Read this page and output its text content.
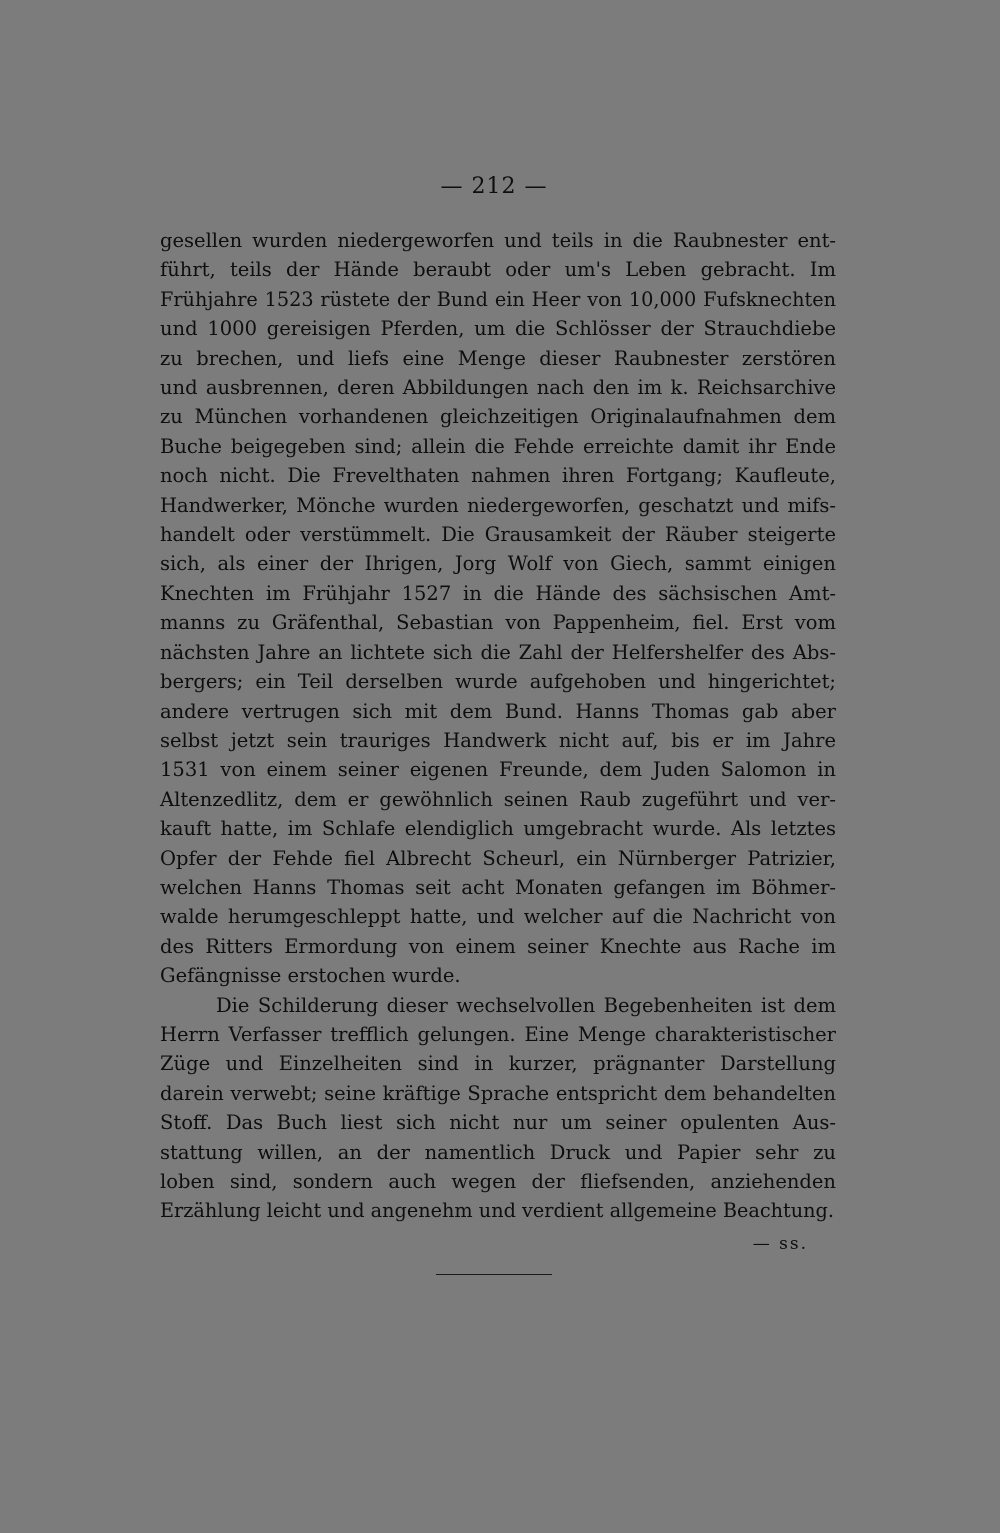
— 212 —

gesellen wurden niedergeworfen und teils in die Raubnester ent-
führt, teils der Hände beraubt oder um's Leben gebracht. Im
Frühjahre 1523 rüstete der Bund ein Heer von 10,000 Fufsknechten
und 1000 gereisigen Pferden, um die Schlösser der Strauchdiebe
zu brechen, und liefs eine Menge dieser Raubnester zerstören
und ausbrennen, deren Abbildungen nach den im k. Reichsarchive
zu München vorhandenen gleichzeitigen Originalaufnahmen dem
Buche beigegeben sind; allein die Fehde erreichte damit ihr Ende
noch nicht. Die Frevelthaten nahmen ihren Fortgang; Kaufleute,
Handwerker, Mönche wurden niedergeworfen, geschatzt und mifs-
handelt oder verstümmelt. Die Grausamkeit der Räuber steigerte
sich, als einer der Ihrigen, Jorg Wolf von Giech, sammt einigen
Knechten im Frühjahr 1527 in die Hände des sächsischen Amt-
manns zu Gräfenthal, Sebastian von Pappenheim, fiel. Erst vom
nächsten Jahre an lichtete sich die Zahl der Helfershelfer des Abs-
bergers; ein Teil derselben wurde aufgehoben und hingerichtet;
andere vertrugen sich mit dem Bund. Hanns Thomas gab aber
selbst jetzt sein trauriges Handwerk nicht auf, bis er im Jahre
1531 von einem seiner eigenen Freunde, dem Juden Salomon in
Altenzedlitz, dem er gewöhnlich seinen Raub zugeführt und ver-
kauft hatte, im Schlafe elendiglich umgebracht wurde. Als letztes
Opfer der Fehde fiel Albrecht Scheurl, ein Nürnberger Patrizier,
welchen Hanns Thomas seit acht Monaten gefangen im Böhmer-
walde herumgeschleppt hatte, und welcher auf die Nachricht von
des Ritters Ermordung von einem seiner Knechte aus Rache im
Gefängnisse erstochen wurde.

Die Schilderung dieser wechselvollen Begebenheiten ist dem
Herrn Verfasser trefflich gelungen. Eine Menge charakteristischer
Züge und Einzelheiten sind in kurzer, prägnanter Darstellung
darein verwebt; seine kräftige Sprache entspricht dem behandelten
Stoff. Das Buch liest sich nicht nur um seiner opulenten Aus-
stattung willen, an der namentlich Druck und Papier sehr zu
loben sind, sondern auch wegen der fliefsenden, anziehenden
Erzählung leicht und angenehm und verdient allgemeine Beachtung.

— ss.
